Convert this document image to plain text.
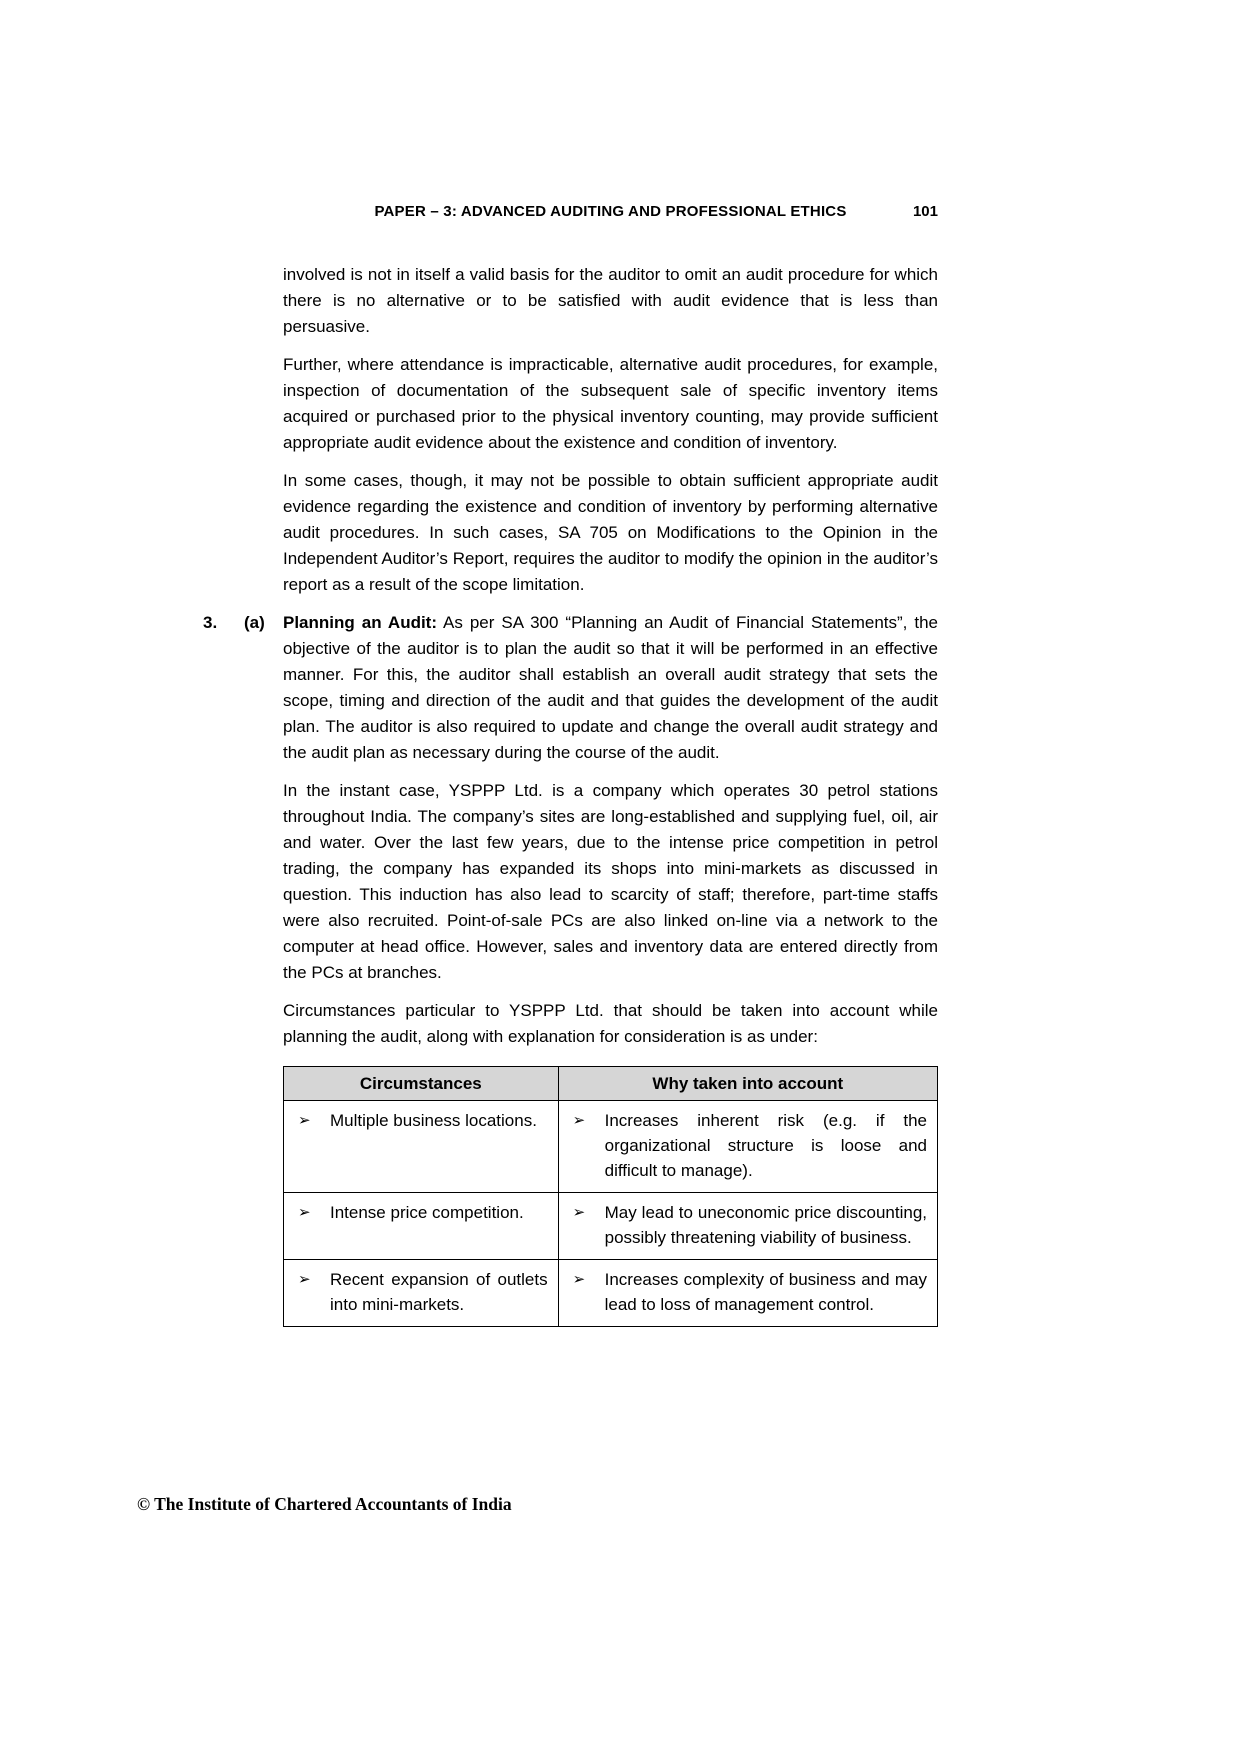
PAPER – 3: ADVANCED AUDITING AND PROFESSIONAL ETHICS	101

involved is not in itself a valid basis for the auditor to omit an audit procedure for which there is no alternative or to be satisfied with audit evidence that is less than persuasive.

Further, where attendance is impracticable, alternative audit procedures, for example, inspection of documentation of the subsequent sale of specific inventory items acquired or purchased prior to the physical inventory counting, may provide sufficient appropriate audit evidence about the existence and condition of inventory.

In some cases, though, it may not be possible to obtain sufficient appropriate audit evidence regarding the existence and condition of inventory by performing alternative audit procedures. In such cases, SA 705 on Modifications to the Opinion in the Independent Auditor’s Report, requires the auditor to modify the opinion in the auditor’s report as a result of the scope limitation.

3. (a) Planning an Audit: As per SA 300 “Planning an Audit of Financial Statements”, the objective of the auditor is to plan the audit so that it will be performed in an effective manner. For this, the auditor shall establish an overall audit strategy that sets the scope, timing and direction of the audit and that guides the development of the audit plan. The auditor is also required to update and change the overall audit strategy and the audit plan as necessary during the course of the audit.

In the instant case, YSPPP Ltd. is a company which operates 30 petrol stations throughout India. The company’s sites are long-established and supplying fuel, oil, air and water. Over the last few years, due to the intense price competition in petrol trading, the company has expanded its shops into mini-markets as discussed in question. This induction has also lead to scarcity of staff; therefore, part-time staffs were also recruited. Point-of-sale PCs are also linked on-line via a network to the computer at head office. However, sales and inventory data are entered directly from the PCs at branches.

Circumstances particular to YSPPP Ltd. that should be taken into account while planning the audit, along with explanation for consideration is as under:

Circumstances	Why taken into account

➢ Multiple business locations.	➢ Increases inherent risk (e.g. if the organizational structure is loose and difficult to manage).

➢ Intense price competition.	➢ May lead to uneconomic price discounting, possibly threatening viability of business.

➢ Recent expansion of outlets into mini-markets.	➢ Increases complexity of business and may lead to loss of management control.
© The Institute of Chartered Accountants of India
